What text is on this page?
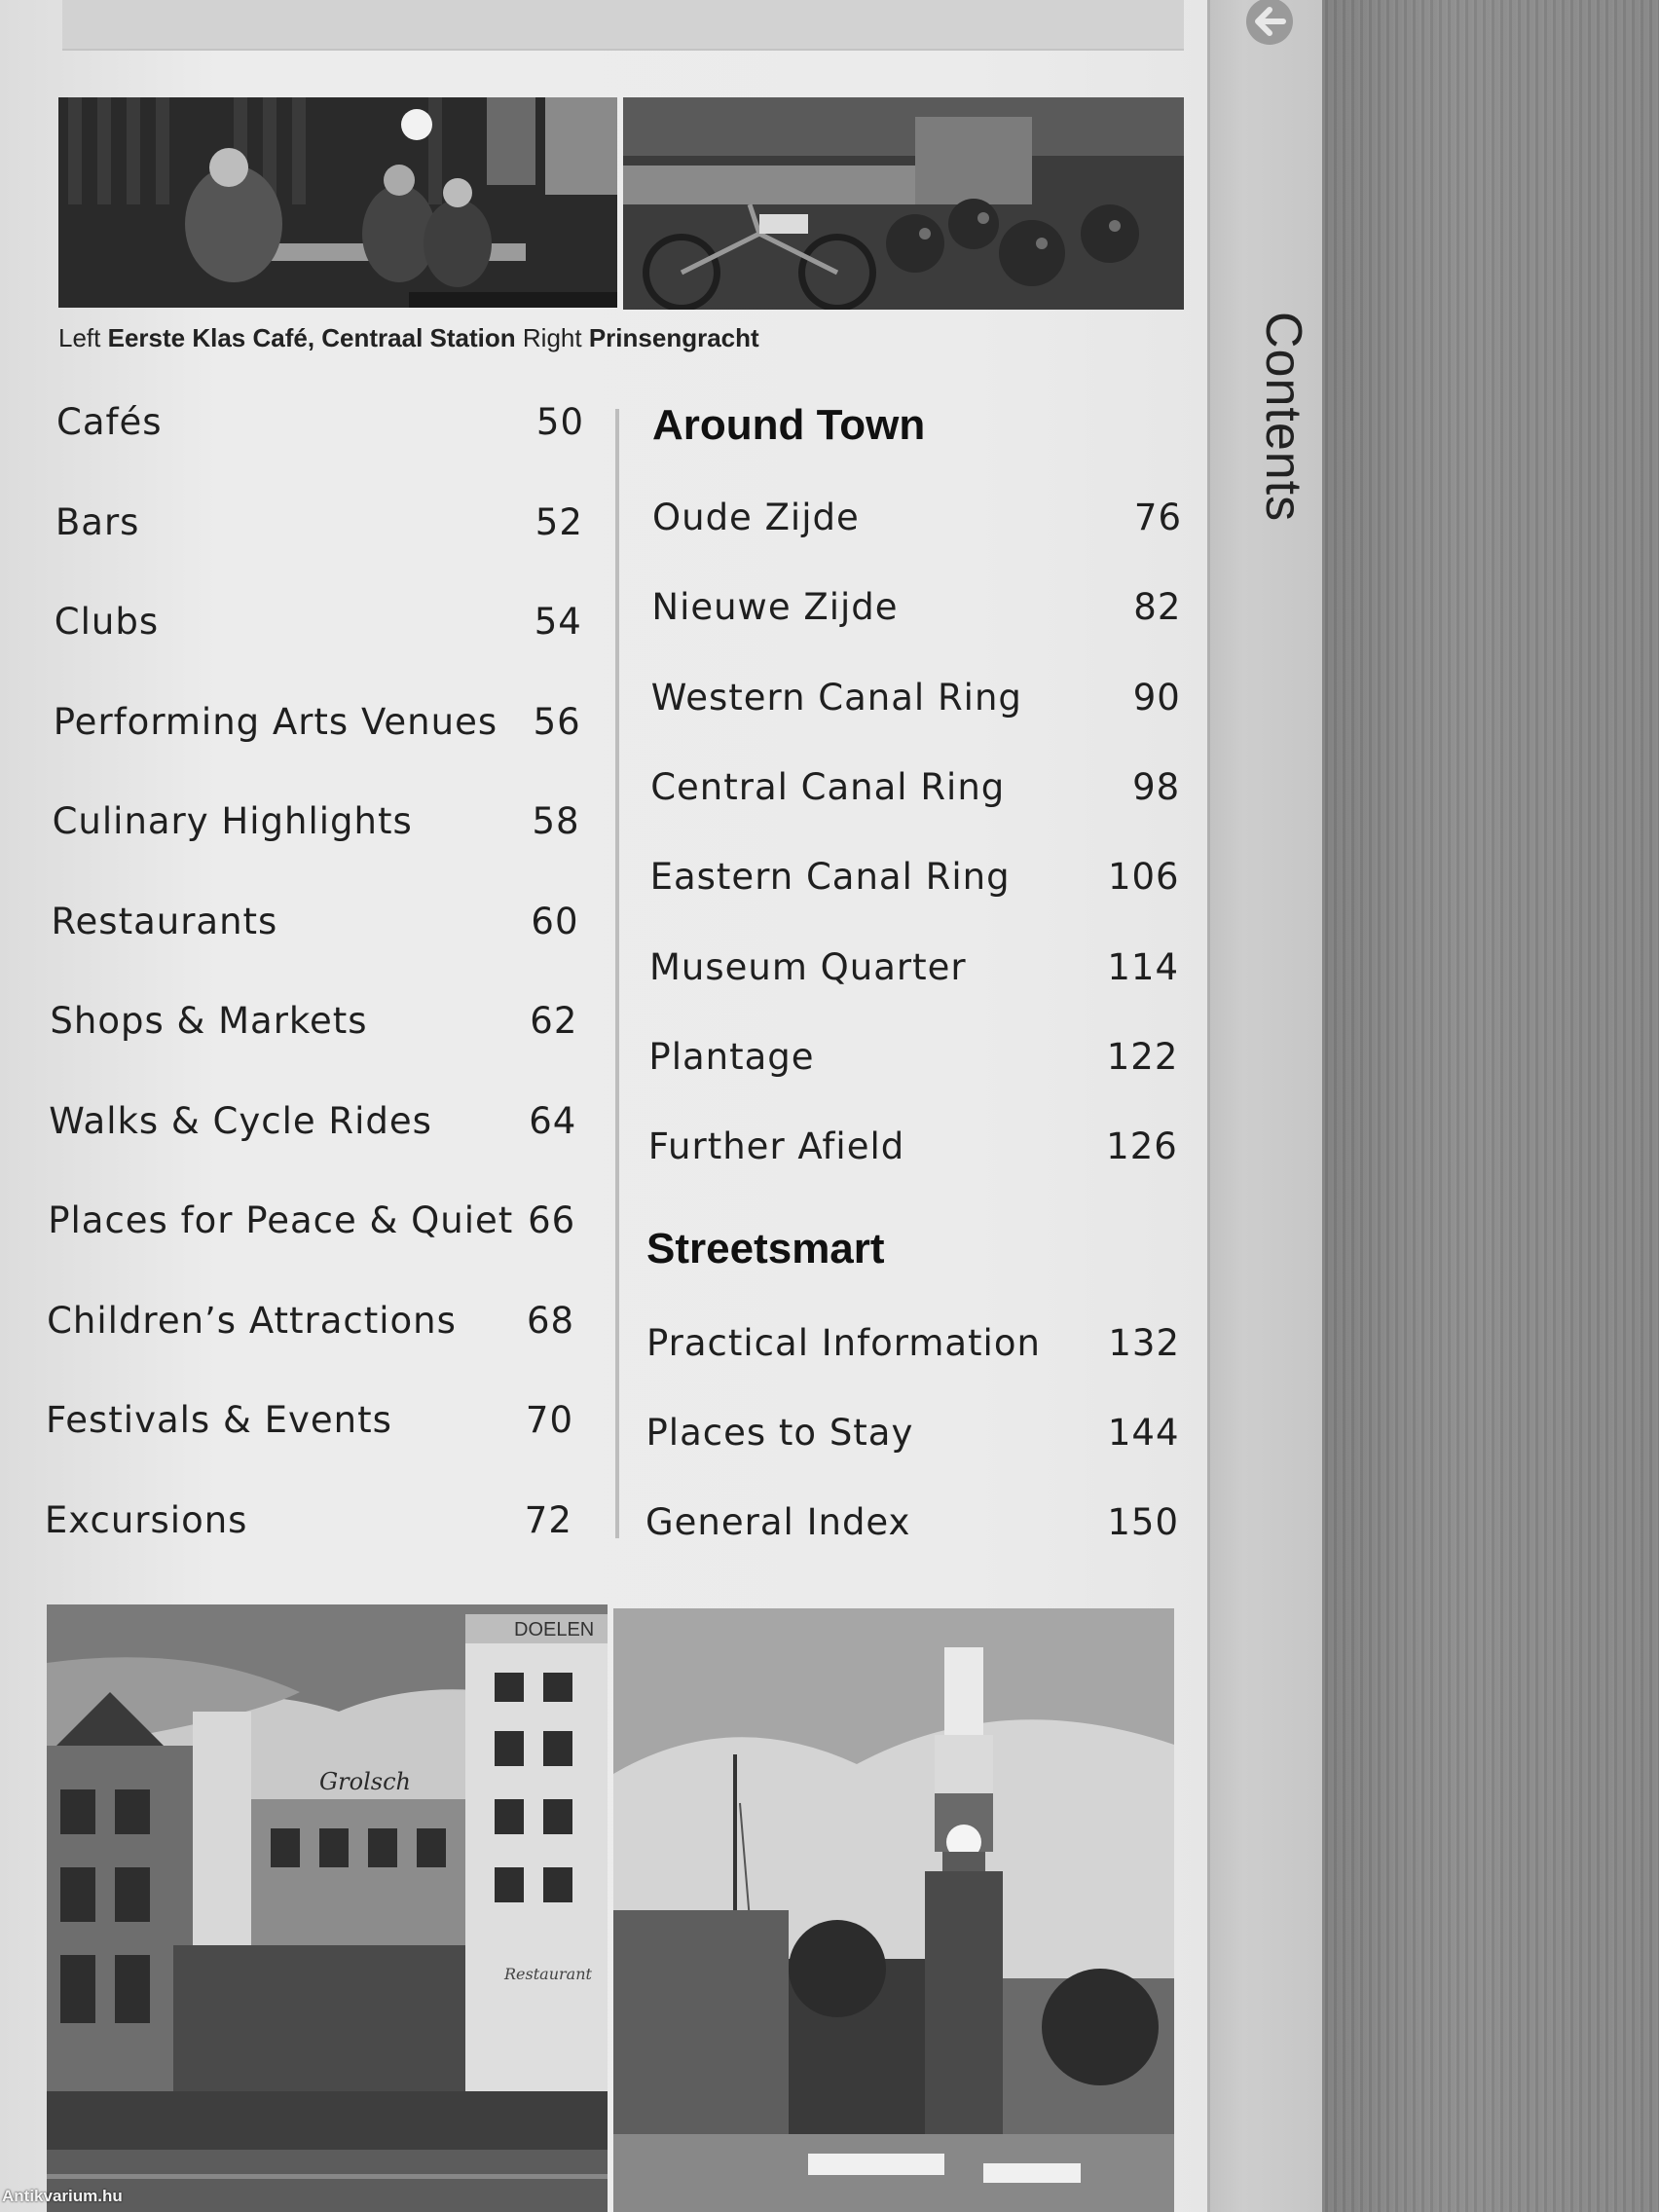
Contents
Left Eerste Klas Café, Centraal Station Right Prinsengracht
Cafés	50
Bars	52
Clubs	54
Performing Arts Venues 56
Culinary Highlights	58
Restaurants	60
Shops & Markets	62
Walks & Cycle Rides	64
Places for Peace & Quiet 66
Children’s Attractions 68
Festivals & Events	70
Excursions	72
Around Town
Oude Zijde	76
Nieuwe Zijde	82
Western Canal Ring	90
Central Canal Ring	98
Eastern Canal Ring	106
Museum Quarter	114
Plantage	122
Further Afield	126
Streetsmart
Practical Information 132
Places to Stay	144
General Index	150
DOELEN
Grolsch
Restaurant
Antikvarium.hu
